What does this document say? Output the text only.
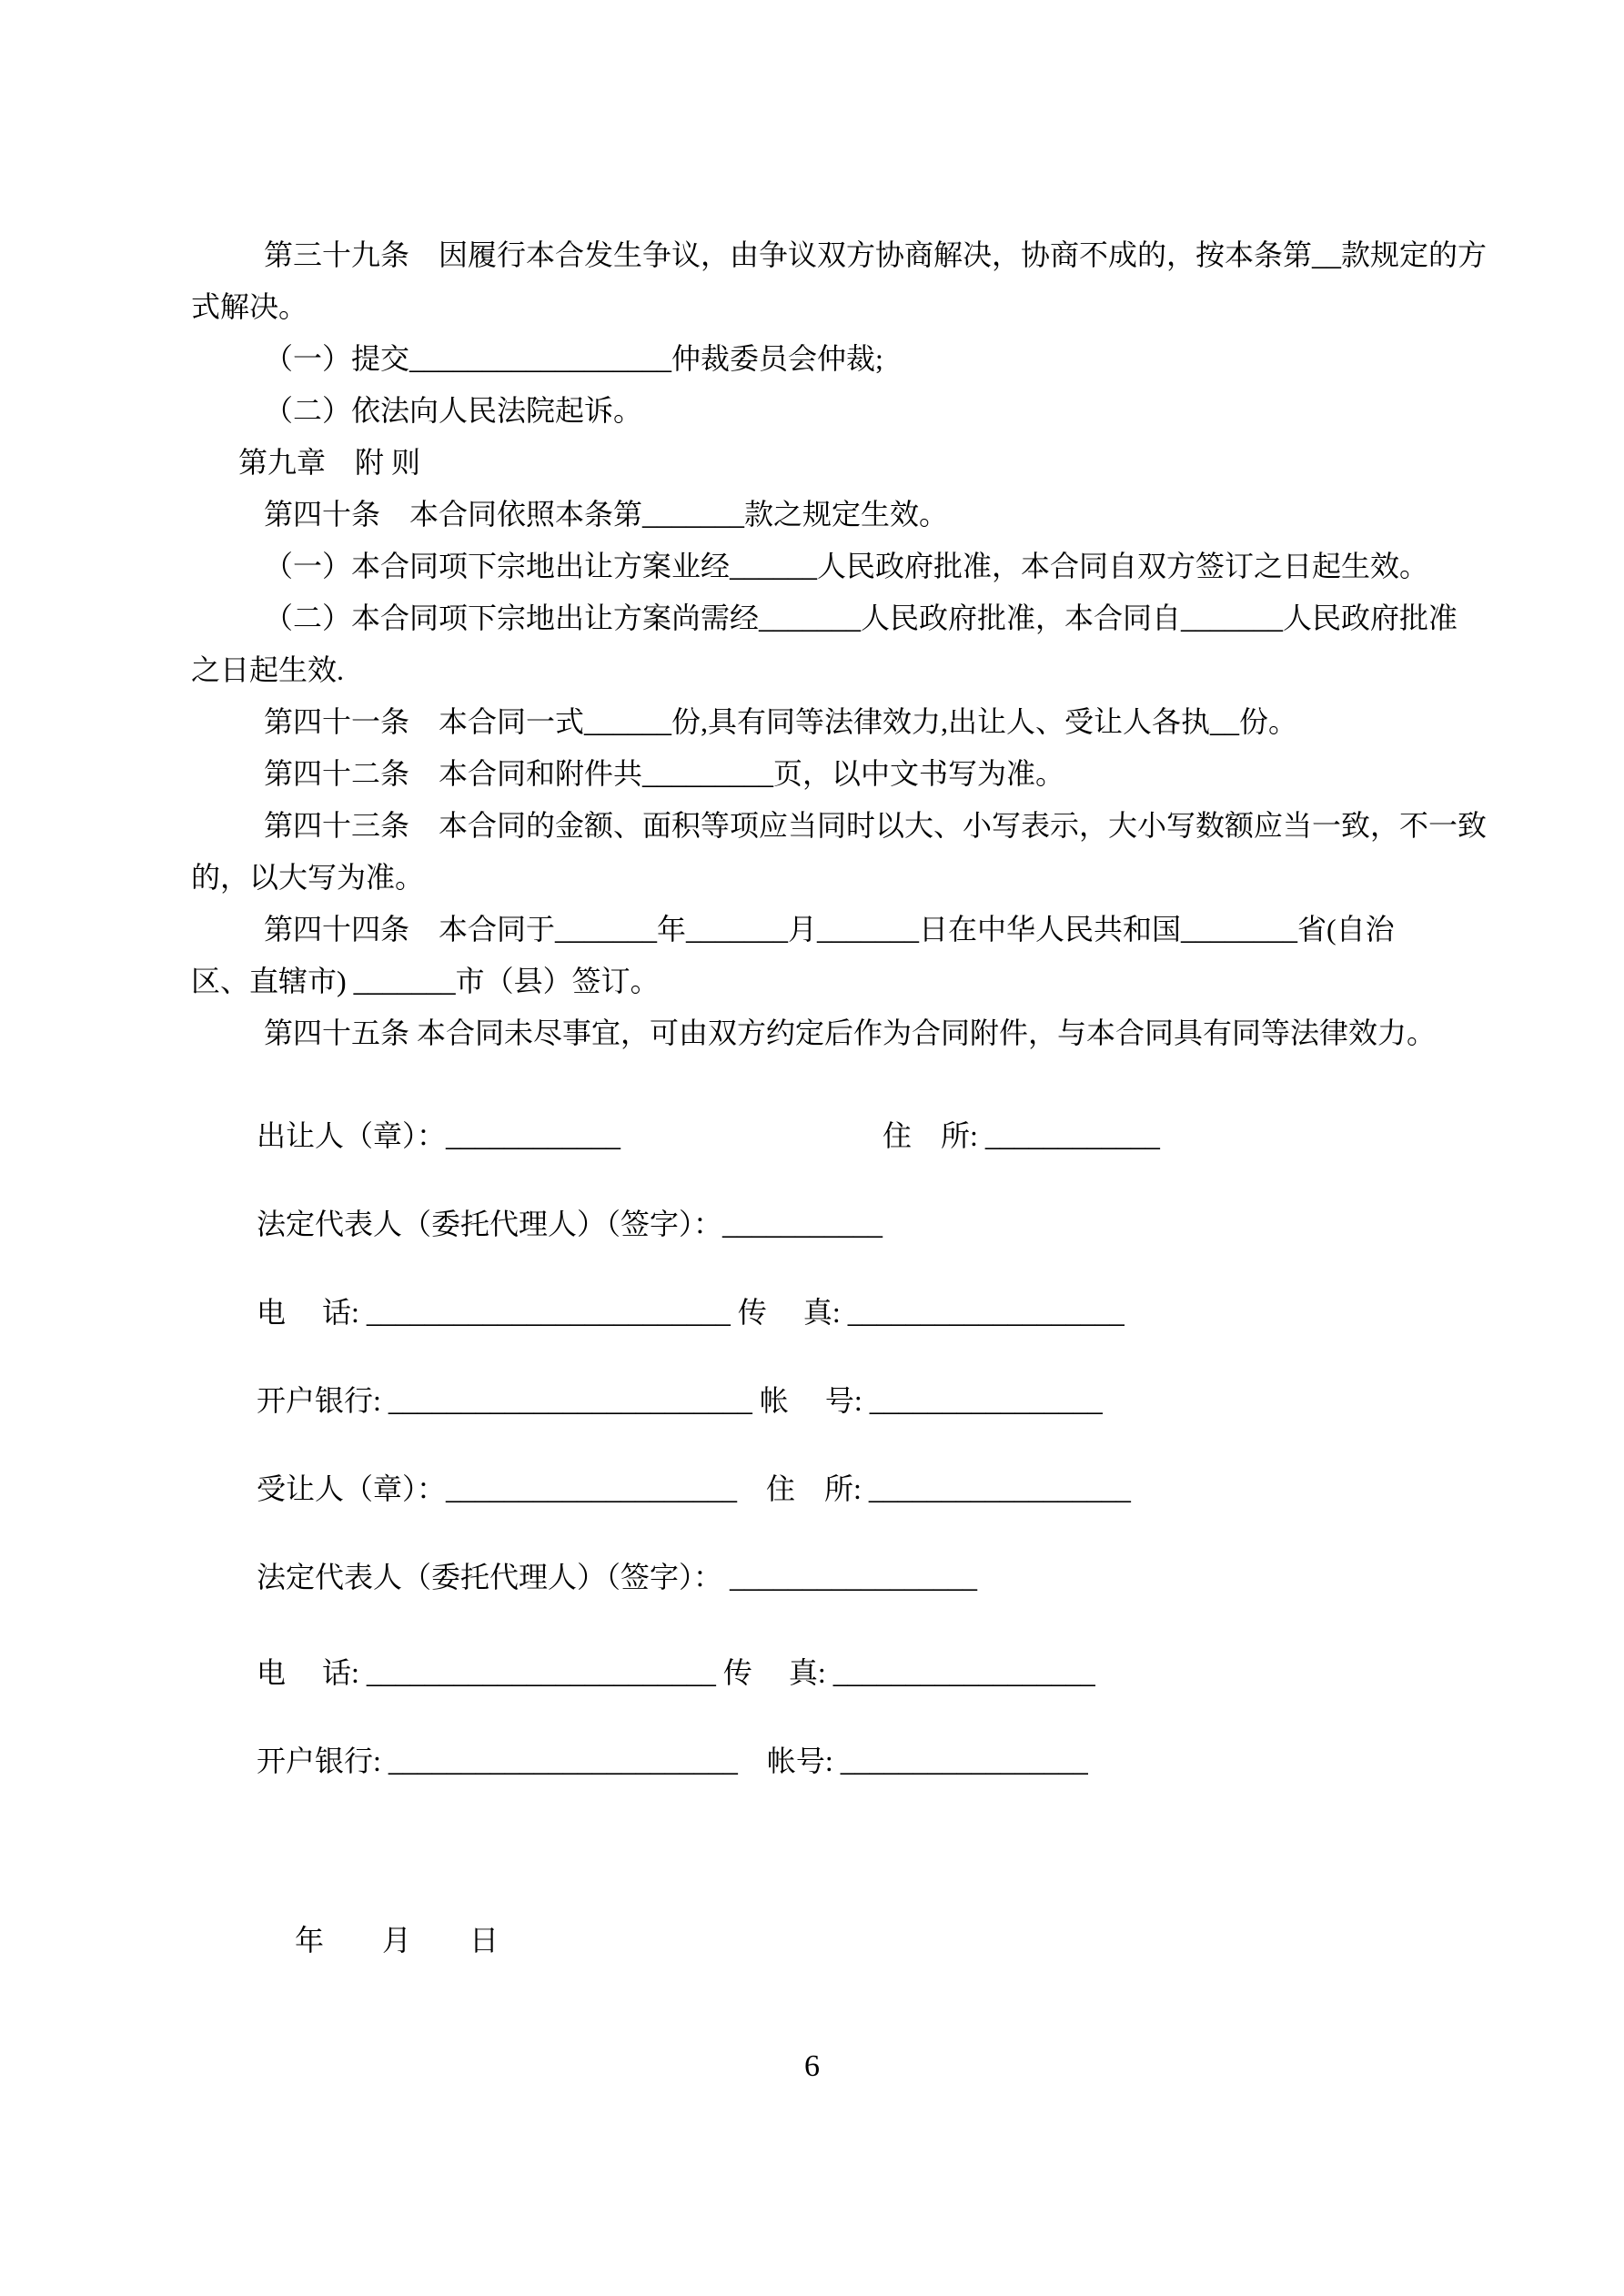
第三十九条　因履行本合发生争议，由争议双方协商解决，协商不成的，按本条第__款规定的方
式解决。
（一）提交__________________仲裁委员会仲裁;
（二）依法向人民法院起诉。
第九章　附 则
第四十条　本合同依照本条第_______款之规定生效。
（一）本合同项下宗地出让方案业经______人民政府批准，本合同自双方签订之日起生效。
（二）本合同项下宗地出让方案尚需经_______人民政府批准，本合同自_______人民政府批准
之日起生效.
第四十一条　本合同一式______份,具有同等法律效力,出让人、受让人各执__份。
第四十二条　本合同和附件共_________页，以中文书写为准。
第四十三条　本合同的金额、面积等项应当同时以大、小写表示，大小写数额应当一致，不一致
的，以大写为准。
第四十四条　本合同于_______年_______月_______日在中华人民共和国________省(自治
区、直辖市) _______市（县）签订。
第四十五条 本合同未尽事宜，可由双方约定后作为合同附件，与本合同具有同等法律效力。
出让人（章）：____________　　　　　　　　　住　所: ____________
法定代表人（委托代理人）（签字）：___________
电　 话: _________________________ 传　 真: ___________________
开户银行: _________________________ 帐　 号: ________________
受让人（章）：____________________　住　所: __________________
法定代表人（委托代理人）（签字）： _________________
电　 话: ________________________ 传　 真: __________________
开户银行: ________________________　帐号: _________________
年　　月　　日
6
